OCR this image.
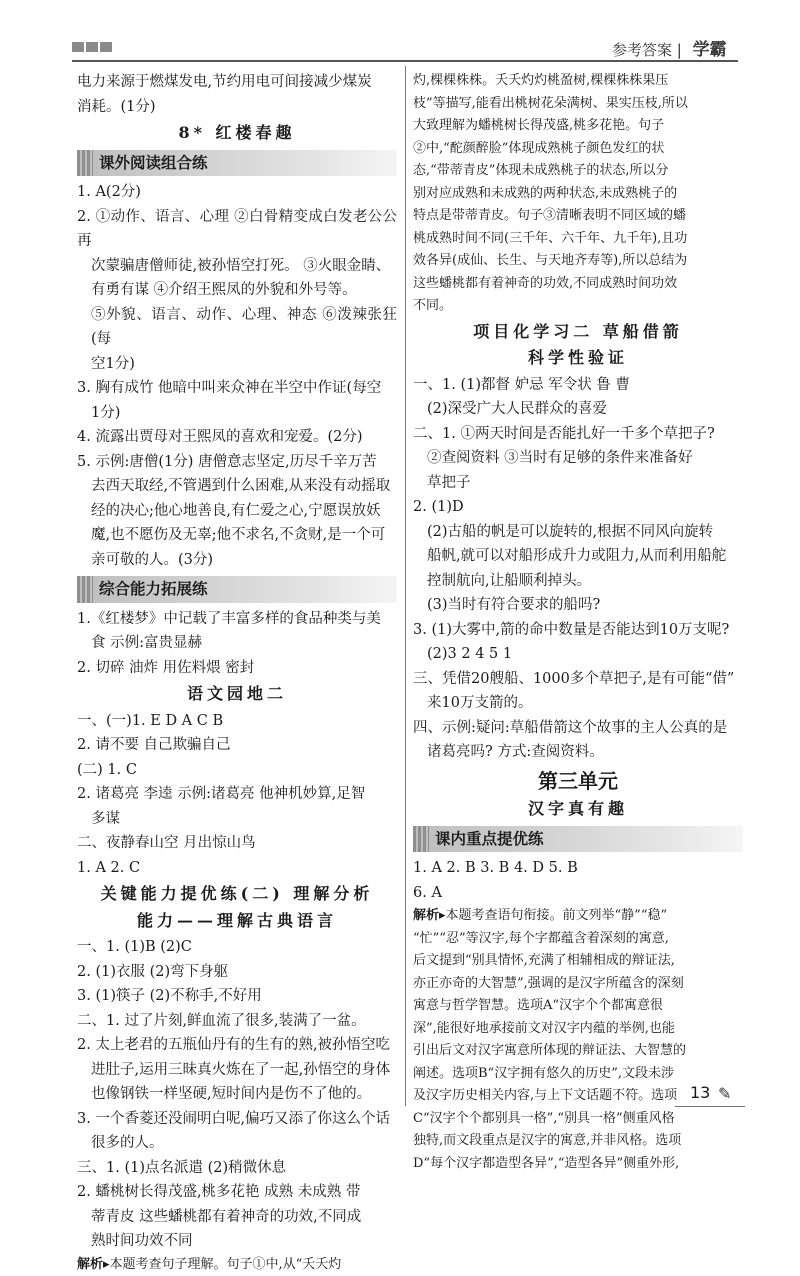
参考答案 | 学霸
电力来源于燃煤发电,节约用电可间接减少煤炭
消耗。(1分)
8* 红楼春趣
课外阅读组合练
1. A(2分)
2. ①动作、语言、心理 ②白骨精变成白发老公公再
次蒙骗唐僧师徒,被孙悟空打死。 ③火眼金睛、
有勇有谋 ④介绍王熙凤的外貌和外号等。
⑤外貌、语言、动作、心理、神态 ⑥泼辣张狂(每
空1分)
3. 胸有成竹 他暗中叫来众神在半空中作证(每空
1分)
4. 流露出贾母对王熙凤的喜欢和宠爱。(2分)
5. 示例:唐僧(1分) 唐僧意志坚定,历尽千辛万苦
去西天取经,不管遇到什么困难,从来没有动摇取
经的决心;他心地善良,有仁爱之心,宁愿误放妖
魔,也不愿伤及无辜;他不求名,不贪财,是一个可
亲可敬的人。(3分)
综合能力拓展练
1.《红楼梦》中记载了丰富多样的食品种类与美
食 示例:富贵显赫
2. 切碎 油炸 用佐料煨 密封
语文园地二
一、(一)1. E D A C B
2. 请不要 自己欺骗自己
(二) 1. C
2. 诸葛亮 李逵 示例:诸葛亮 他神机妙算,足智
多谋
二、夜静春山空 月出惊山鸟
1. A 2. C
关键能力提优练(二) 理解分析
能力——理解古典语言
一、1. (1)B (2)C
2. (1)衣服 (2)弯下身躯
3. (1)筷子 (2)不称手,不好用
二、1. 过了片刻,鲜血流了很多,装满了一盆。
2. 太上老君的五瓶仙丹有的生有的熟,被孙悟空吃
进肚子,运用三昧真火炼在了一起,孙悟空的身体
也像钢铁一样坚硬,短时间内是伤不了他的。
3. 一个香菱还没闹明白呢,偏巧又添了你这么个话
很多的人。
三、1. (1)点名派遣 (2)稍微休息
2. 蟠桃树长得茂盛,桃多花艳 成熟 未成熟 带
蒂青皮 这些蟠桃都有着神奇的功效,不同成
熟时间功效不同
解析▸本题考查句子理解。句子①中,从“夭夭灼
灼,棵棵株株。夭夭灼灼桃盈树,棵棵株株果压
枝”等描写,能看出桃树花朵满树、果实压枝,所以
大致理解为蟠桃树长得茂盛,桃多花艳。句子
②中,“酡颜醉脸”体现成熟桃子颜色发红的状
态,“带蒂青皮”体现未成熟桃子的状态,所以分
别对应成熟和未成熟的两种状态,未成熟桃子的
特点是带蒂青皮。句子③清晰表明不同区域的蟠
桃成熟时间不同(三千年、六千年、九千年),且功
效各异(成仙、长生、与天地齐寿等),所以总结为
这些蟠桃都有着神奇的功效,不同成熟时间功效
不同。
项目化学习二 草船借箭
科学性验证
一、1. (1)都督 妒忌 军令状 鲁 曹
(2)深受广大人民群众的喜爱
二、1. ①两天时间是否能扎好一千多个草把子?
②查阅资料 ③当时有足够的条件来准备好
草把子
2. (1)D
(2)古船的帆是可以旋转的,根据不同风向旋转
船帆,就可以对船形成升力或阻力,从而利用船舵
控制航向,让船顺利掉头。
(3)当时有符合要求的船吗?
3. (1)大雾中,箭的命中数量是否能达到10万支呢?
(2)3 2 4 5 1
三、凭借20艘船、1000多个草把子,是有可能“借”
来10万支箭的。
四、示例:疑问:草船借箭这个故事的主人公真的是
诸葛亮吗? 方式:查阅资料。
第三单元
汉字真有趣
课内重点提优练
1. A 2. B 3. B 4. D 5. B
6. A
解析▸本题考查语句衔接。前文列举“静”“稳”
“忙”“忍”等汉字,每个字都蕴含着深刻的寓意,
后文提到“别具情怀,充满了相辅相成的辩证法,
亦正亦奇的大智慧”,强调的是汉字所蕴含的深刻
寓意与哲学智慧。选项A“汉字个个都寓意很
深”,能很好地承接前文对汉字内蕴的举例,也能
引出后文对汉字寓意所体现的辩证法、大智慧的
阐述。选项B“汉字拥有悠久的历史”,文段未涉
及汉字历史相关内容,与上下文话题不符。选项
C“汉字个个都别具一格”,“别具一格”侧重风格
独特,而文段重点是汉字的寓意,并非风格。选项
D“每个汉字都造型各异”,“造型各异”侧重外形,
13 ✎
